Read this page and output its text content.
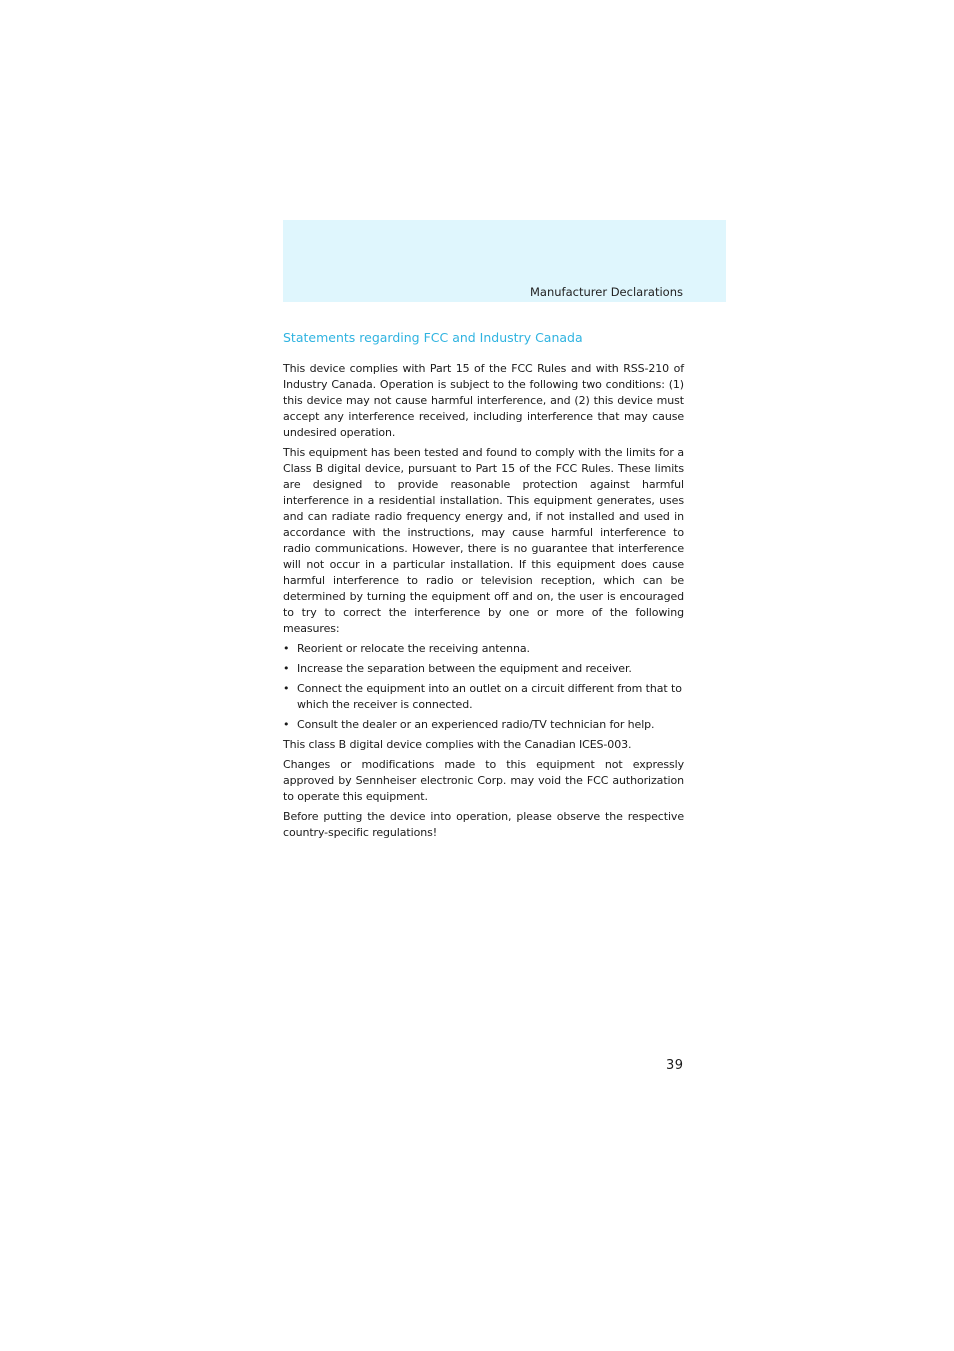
Manufacturer Declarations
Statements regarding FCC and Industry Canada

This device complies with Part 15 of the FCC Rules and with RSS-210 of Industry Canada. Operation is subject to the following two conditions: (1) this device may not cause harmful interference, and (2) this device must accept any interference received, including interference that may cause undesired operation.

This equipment has been tested and found to comply with the limits for a Class B digital device, pursuant to Part 15 of the FCC Rules. These limits are designed to provide reasonable protection against harmful interference in a residential installation. This equipment generates, uses and can radiate radio frequency energy and, if not installed and used in accordance with the instructions, may cause harmful interference to radio communications. However, there is no guarantee that interference will not occur in a particular installation. If this equipment does cause harmful interference to radio or television reception, which can be determined by turning the equipment off and on, the user is encouraged to try to correct the interference by one or more of the following measures:

• Reorient or relocate the receiving antenna.
• Increase the separation between the equipment and receiver.
• Connect the equipment into an outlet on a circuit different from that to which the receiver is connected.
• Consult the dealer or an experienced radio/TV technician for help.

This class B digital device complies with the Canadian ICES-003.

Changes or modifications made to this equipment not expressly approved by Sennheiser electronic Corp. may void the FCC authorization to operate this equipment.

Before putting the device into operation, please observe the respective country-specific regulations!

39
